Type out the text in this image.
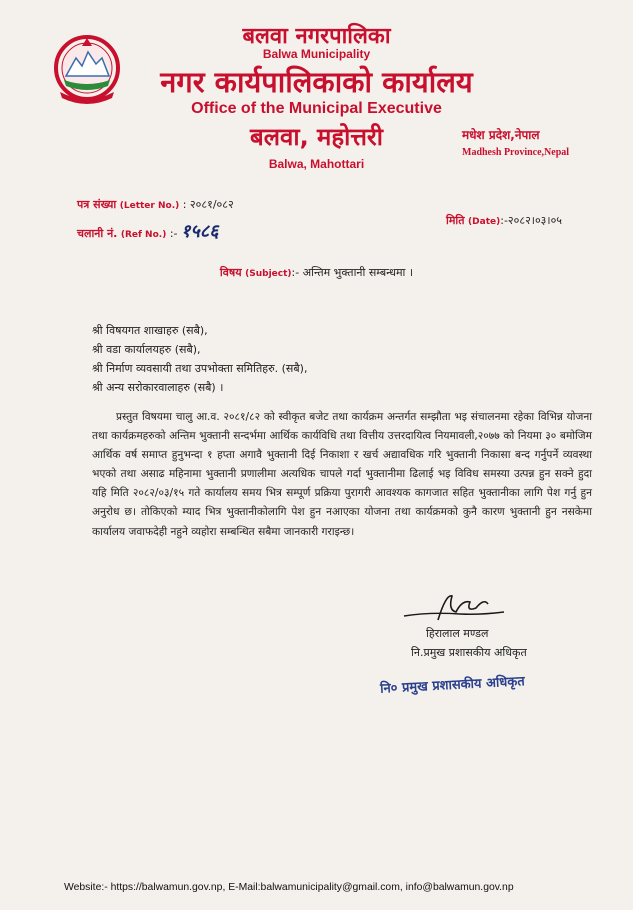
बलवा नगरपालिका
Balwa Municipality
नगर कार्यपालिकाको कार्यालय
Office of the Municipal Executive
बलवा, महोत्तरी
Balwa, Mahottari
मधेश प्रदेश,नेपाल
Madhesh Province,Nepal
पत्र संख्या (Letter No.) : २०८१/०८२
चलानी नं. (Ref No.) :- १५८६
मिति (Date):-२०८२।०३।०५
विषय (Subject):- अन्तिम भुक्तानी सम्बन्धमा ।
श्री विषयगत शाखाहरु (सबै),
श्री वडा कार्यालयहरु (सबै),
श्री निर्माण व्यवसायी तथा उपभोक्ता समितिहरु. (सबै),
श्री अन्य सरोकारवालाहरु (सबै) ।
प्रस्तुत विषयमा चालु आ.व. २०८१/८२ को स्वीकृत बजेट तथा कार्यक्रम अन्तर्गत सम्झौता भइ संचालनमा रहेका विभिन्न योजना तथा कार्यक्रमहरुको अन्तिम भुक्तानी सन्दर्भमा आर्थिक कार्यविधि तथा वित्तीय उत्तरदायित्व नियमावली,२०७७ को नियमा ३० बमोजिम आर्थिक वर्ष समाप्त हुनुभन्दा १ हप्ता अगावै भुक्तानी दिई निकाशा र खर्च अद्यावधिक गरि भुक्तानी निकासा बन्द गर्नुपर्ने व्यवस्था भएको तथा असाढ महिनामा भुक्तानी प्रणालीमा अत्यधिक चापले गर्दा भुक्तानीमा ढिलाई भइ विविध समस्या उत्पन्न हुन सक्ने हुदा यहि मिति २०८२/०३/१५ गते कार्यालय समय भित्र सम्पूर्ण प्रक्रिया पुरागरी आवश्यक कागजात सहित भुक्तानीका लागि पेश गर्नु हुन अनुरोध छ। तोकिएको म्याद भित्र भुक्तानीकोलागि पेश हुन नआएका योजना तथा कार्यक्रमको कुनै कारण भुक्तानी हुन नसकेमा कार्यालय जवाफदेही नहुने व्यहोरा सम्बन्धित सबैमा जानकारी गराइन्छ।
हिरालाल मण्डल
नि.प्रमुख प्रशासकीय अधिकृत
नि० प्रमुख प्रशासकीय अधिकृत
Website:- https://balwamun.gov.np, E-Mail:balwamunicipality@gmail.com, info@balwamun.gov.np
